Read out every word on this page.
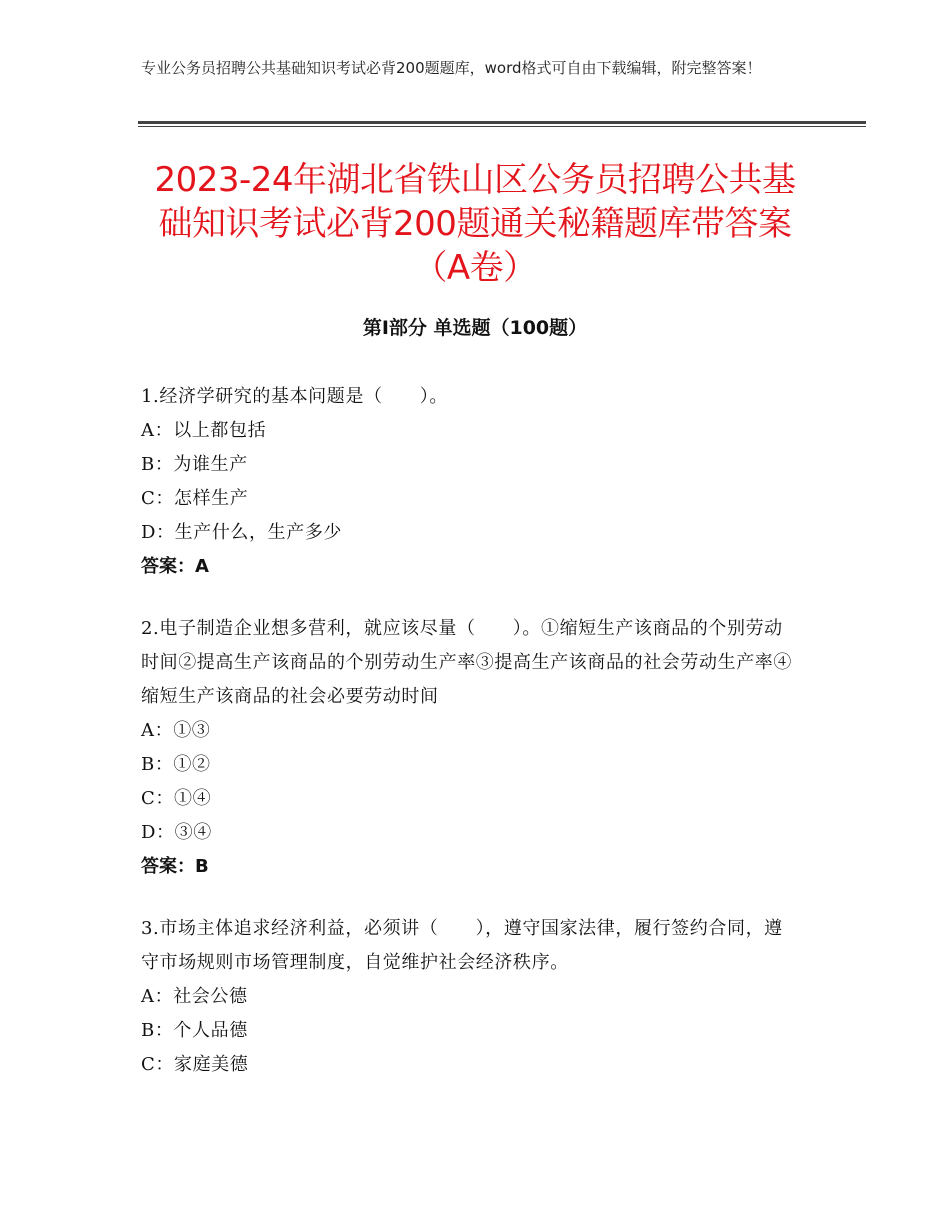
专业公务员招聘公共基础知识考试必背200题题库，word格式可自由下载编辑，附完整答案！
2023-24年湖北省铁山区公务员招聘公共基础知识考试必背200题通关秘籍题库带答案（A卷）
第I部分 单选题（100题）
1.经济学研究的基本问题是（　　）。
A：以上都包括
B：为谁生产
C：怎样生产
D：生产什么，生产多少
答案：A
2.电子制造企业想多营利，就应该尽量（　　）。①缩短生产该商品的个别劳动时间②提高生产该商品的个别劳动生产率③提高生产该商品的社会劳动生产率④缩短生产该商品的社会必要劳动时间
A：①③
B：①②
C：①④
D：③④
答案：B
3.市场主体追求经济利益，必须讲（　　），遵守国家法律，履行签约合同，遵守市场规则市场管理制度，自觉维护社会经济秩序。
A：社会公德
B：个人品德
C：家庭美德
